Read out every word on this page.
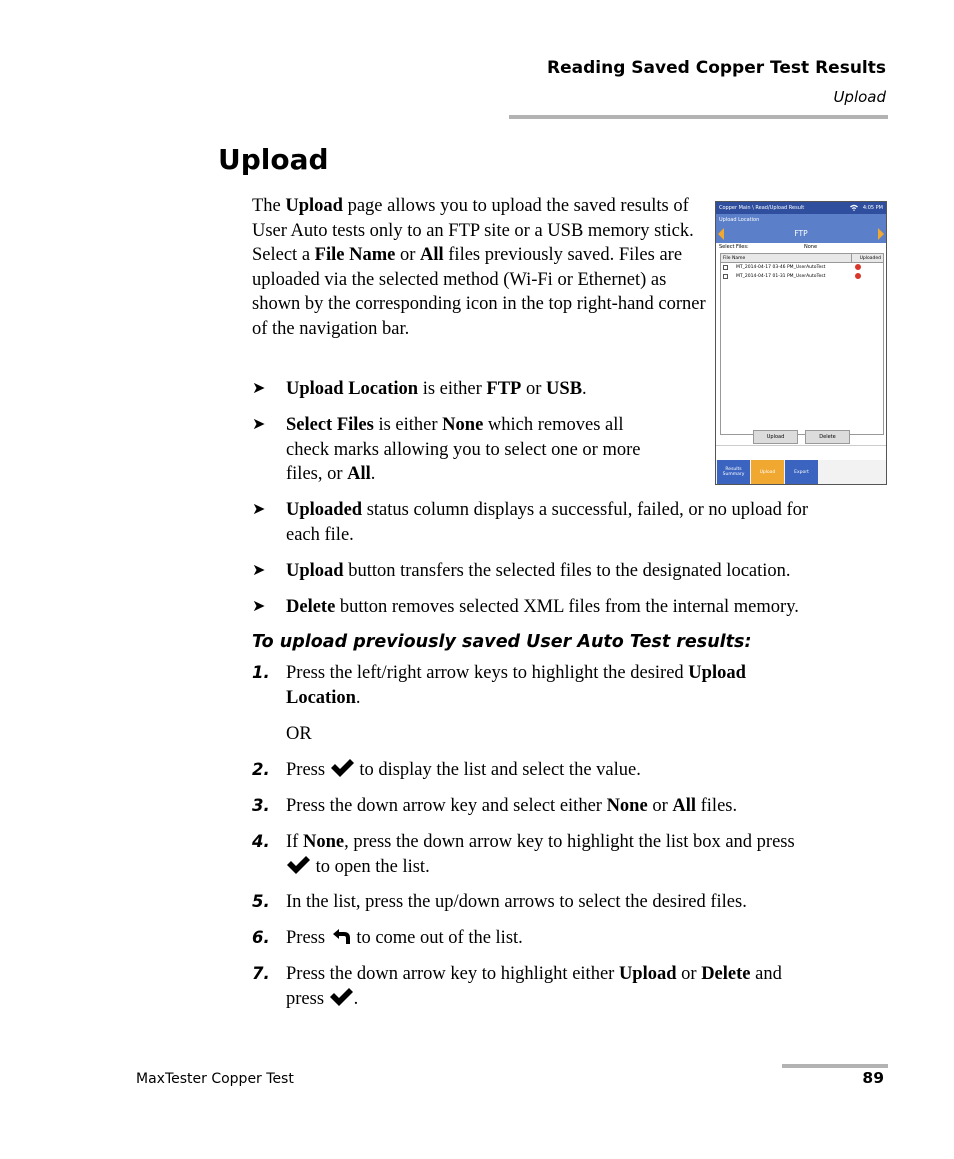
Reading Saved Copper Test Results
Upload
Upload

The Upload page allows you to upload the saved results of User Auto tests only to an FTP site or a USB memory stick. Select a File Name or All files previously saved. Files are uploaded via the selected method (Wi-Fi or Ethernet) as shown by the corresponding icon in the top right-hand corner of the navigation bar.

Copper Main \ Read/Upload Result	4:05 PM
Upload Location
FTP
Select Files:	None
File Name	Uploaded
MT_2014-04-17 03-46 PM_UserAutoTest
MT_2014-04-17 01-31 PM_UserAutoTest
Upload	Delete
Results Summary	Upload	Export
➤ Upload Location is either FTP or USB.
➤ Select Files is either None which removes all
check marks allowing you to select one or more
files, or All.
➤ Uploaded status column displays a successful, failed, or no upload for
each file.
➤ Upload button transfers the selected files to the designated location.
➤ Delete button removes selected XML files from the internal memory.
To upload previously saved User Auto Test results:
1. Press the left/right arrow keys to highlight the desired Upload
Location.
OR
2. Press  to display the list and select the value.
3. Press the down arrow key and select either None or All files.
4. If None, press the down arrow key to highlight the list box and press
to open the list.
5. In the list, press the up/down arrows to select the desired files.
6. Press  to come out of the list.
7. Press the down arrow key to highlight either Upload or Delete and
press .
MaxTester Copper Test	89
